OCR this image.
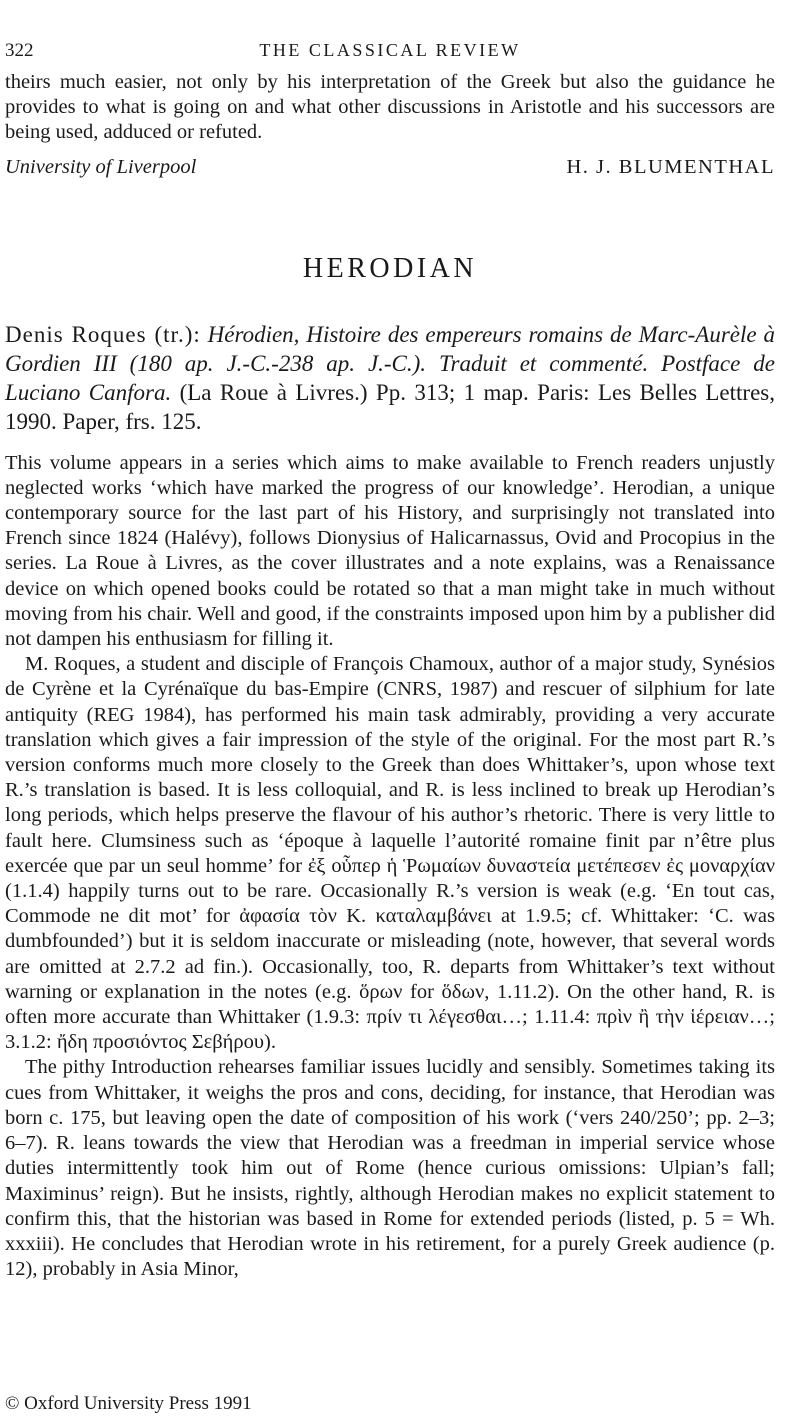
322	THE CLASSICAL REVIEW

theirs much easier, not only by his interpretation of the Greek but also the guidance he provides to what is going on and what other discussions in Aristotle and his successors are being used, adduced or refuted.

University of Liverpool	H. J. BLUMENTHAL
HERODIAN
Denis Roques (tr.): Hérodien, Histoire des empereurs romains de Marc-Aurèle à Gordien III (180 ap. J.-C.-238 ap. J.-C.). Traduit et commenté. Postface de Luciano Canfora. (La Roue à Livres.) Pp. 313; 1 map. Paris: Les Belles Lettres, 1990. Paper, frs. 125.

This volume appears in a series which aims to make available to French readers unjustly neglected works ‘which have marked the progress of our knowledge’. Herodian, a unique contemporary source for the last part of his History, and surprisingly not translated into French since 1824 (Halévy), follows Dionysius of Halicarnassus, Ovid and Procopius in the series. La Roue à Livres, as the cover illustrates and a note explains, was a Renaissance device on which opened books could be rotated so that a man might take in much without moving from his chair. Well and good, if the constraints imposed upon him by a publisher did not dampen his enthusiasm for filling it.

M. Roques, a student and disciple of François Chamoux, author of a major study, Synésios de Cyrène et la Cyrénaïque du bas-Empire (CNRS, 1987) and rescuer of silphium for late antiquity (REG 1984), has performed his main task admirably, providing a very accurate translation which gives a fair impression of the style of the original. For the most part R.’s version conforms much more closely to the Greek than does Whittaker’s, upon whose text R.’s translation is based. It is less colloquial, and R. is less inclined to break up Herodian’s long periods, which helps preserve the flavour of his author’s rhetoric. There is very little to fault here. Clumsiness such as ‘époque à laquelle l’autorité romaine finit par n’être plus exercée que par un seul homme’ for ἐξ οὗπερ ἡ Ῥωμαίων δυναστεία μετέπεσεν ἐς μοναρχίαν (1.1.4) happily turns out to be rare. Occasionally R.’s version is weak (e.g. ‘En tout cas, Commode ne dit mot’ for ἀφασία τὸν Κ. καταλαμβάνει at 1.9.5; cf. Whittaker: ‘C. was dumbfounded’) but it is seldom inaccurate or misleading (note, however, that several words are omitted at 2.7.2 ad fin.). Occasionally, too, R. departs from Whittaker’s text without warning or explanation in the notes (e.g. ὅρων for ὅδων, 1.11.2). On the other hand, R. is often more accurate than Whittaker (1.9.3: πρίν τι λέγεσθαι…; 1.11.4: πρὶν ἢ τὴν ἱέρειαν…; 3.1.2: ἤδη προσιόντος Σεβήρου).

The pithy Introduction rehearses familiar issues lucidly and sensibly. Sometimes taking its cues from Whittaker, it weighs the pros and cons, deciding, for instance, that Herodian was born c. 175, but leaving open the date of composition of his work (‘vers 240/250’; pp. 2–3; 6–7). R. leans towards the view that Herodian was a freedman in imperial service whose duties intermittently took him out of Rome (hence curious omissions: Ulpian’s fall; Maximinus’ reign). But he insists, rightly, although Herodian makes no explicit statement to confirm this, that the historian was based in Rome for extended periods (listed, p. 5 = Wh. xxxiii). He concludes that Herodian wrote in his retirement, for a purely Greek audience (p. 12), probably in Asia Minor,

© Oxford University Press 1991
